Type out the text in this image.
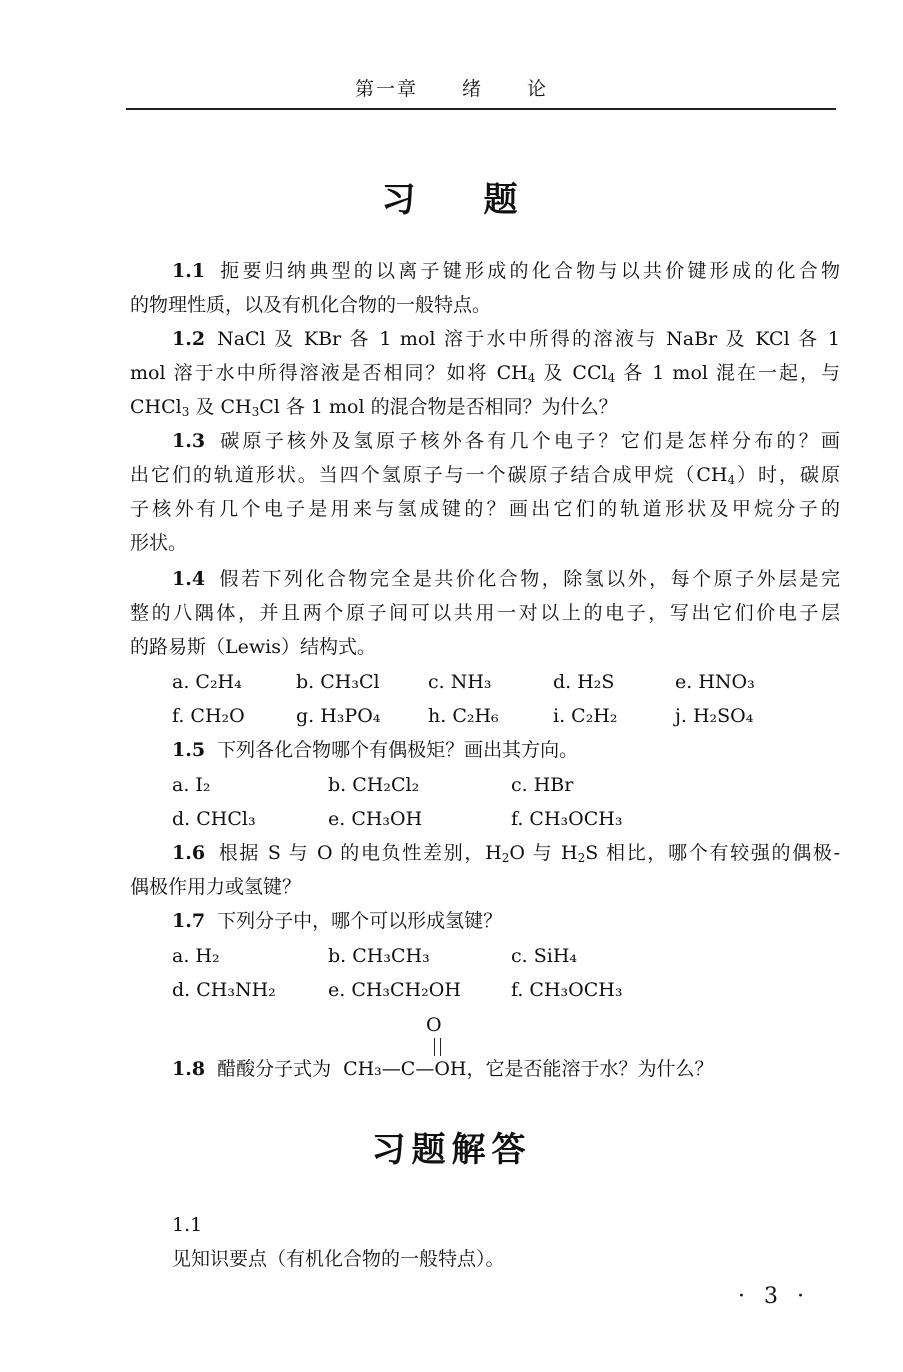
第一章 绪 论
习 题
1.1 扼要归纳典型的以离子键形成的化合物与以共价键形成的化合物
的物理性质，以及有机化合物的一般特点。
1.2 NaCl 及 KBr 各 1 mol 溶于水中所得的溶液与 NaBr 及 KCl 各 1
mol 溶于水中所得溶液是否相同？如将 $CH_4$ 及 CCl$_4$ 各 1 mol 混在一起，与
CHCl$_3$ 及 $CH_3Cl$ 各 1 mol 的混合物是否相同？为什么？
1.3 碳原子核外及氢原子核外各有几个电子？它们是怎样分布的？画
出它们的轨道形状。当四个氢原子与一个碳原子结合成甲烷$(CH_4)$时，碳原
子核外有几个电子是用来与氢成键的？画出它们的轨道形状及甲烷分子的
形状。
1.4 假若下列化合物完全是共价化合物，除氢以外，每个原子外层是完
整的八隅体，并且两个原子间可以共用一对以上的电子，写出它们价电子层
的路易斯（Lewis）结构式。
a. C₂H₄	b. CH₃Cl	c. NH₃	d. H₂S	e. HNO₃
f. CH₂O	g. H₃PO₄	h. C₂H₆	i. C₂H₂	j. H₂SO₄
1.5 下列各化合物哪个有偶极矩？画出其方向。
a. I₂	b. CH₂Cl₂	c. HBr
d. CHCl₃	e. CH₃OH	f. CH₃OCH₃
1.6 根据 S 与 O 的电负性差别，$H_2O$ 与 $H_2S$ 相比，哪个有较强的偶极-
偶极作用力或氢键？
1.7 下列分子中，哪个可以形成氢键？
a. H₂	b. CH₃CH₃	c. SiH₄
d. CH₃NH₂	e. CH₃CH₂OH	f. CH₃OCH₃
O
1.8 醋酸分子式为 CH₃—C—OH，它是否能溶于水？为什么？
习题解答
1.1
见知识要点（有机化合物的一般特点）。
· 3 ·
